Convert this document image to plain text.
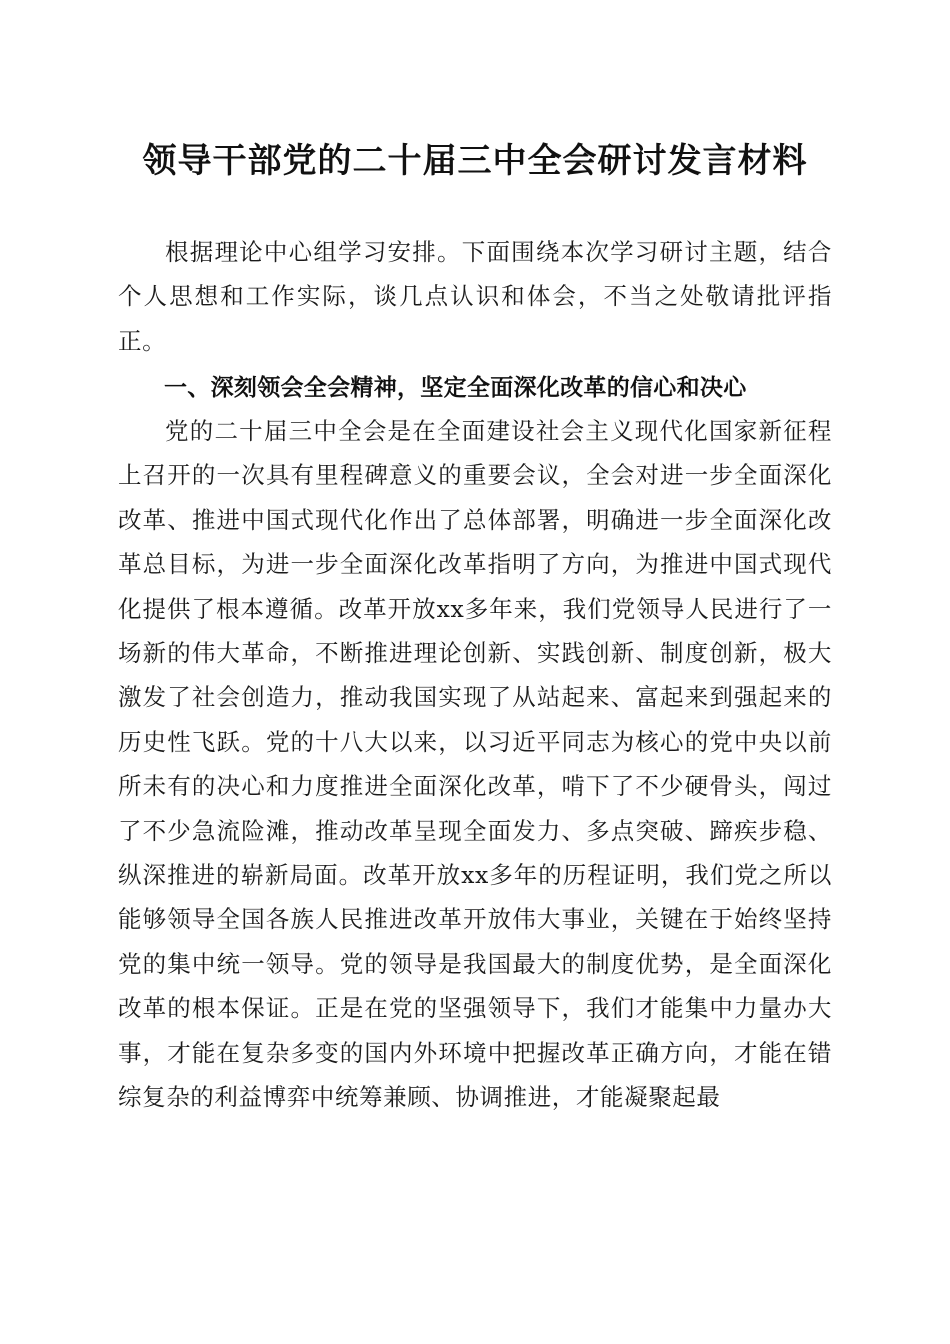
领导干部党的二十届三中全会研讨发言材料

根据理论中心组学习安排。下面围绕本次学习研讨主题，结合个人思想和工作实际，谈几点认识和体会，不当之处敬请批评指正。

一、深刻领会全会精神，坚定全面深化改革的信心和决心

党的二十届三中全会是在全面建设社会主义现代化国家新征程上召开的一次具有里程碑意义的重要会议，全会对进一步全面深化改革、推进中国式现代化作出了总体部署，明确进一步全面深化改革总目标，为进一步全面深化改革指明了方向，为推进中国式现代化提供了根本遵循。改革开放xx多年来，我们党领导人民进行了一场新的伟大革命，不断推进理论创新、实践创新、制度创新，极大激发了社会创造力，推动我国实现了从站起来、富起来到强起来的历史性飞跃。党的十八大以来，以习近平同志为核心的党中央以前所未有的决心和力度推进全面深化改革，啃下了不少硬骨头，闯过了不少急流险滩，推动改革呈现全面发力、多点突破、蹄疾步稳、纵深推进的崭新局面。改革开放xx多年的历程证明，我们党之所以能够领导全国各族人民推进改革开放伟大事业，关键在于始终坚持党的集中统一领导。党的领导是我国最大的制度优势，是全面深化改革的根本保证。正是在党的坚强领导下，我们才能集中力量办大事，才能在复杂多变的国内外环境中把握改革正确方向，才能在错综复杂的利益博弈中统筹兼顾、协调推进，才能凝聚起最
